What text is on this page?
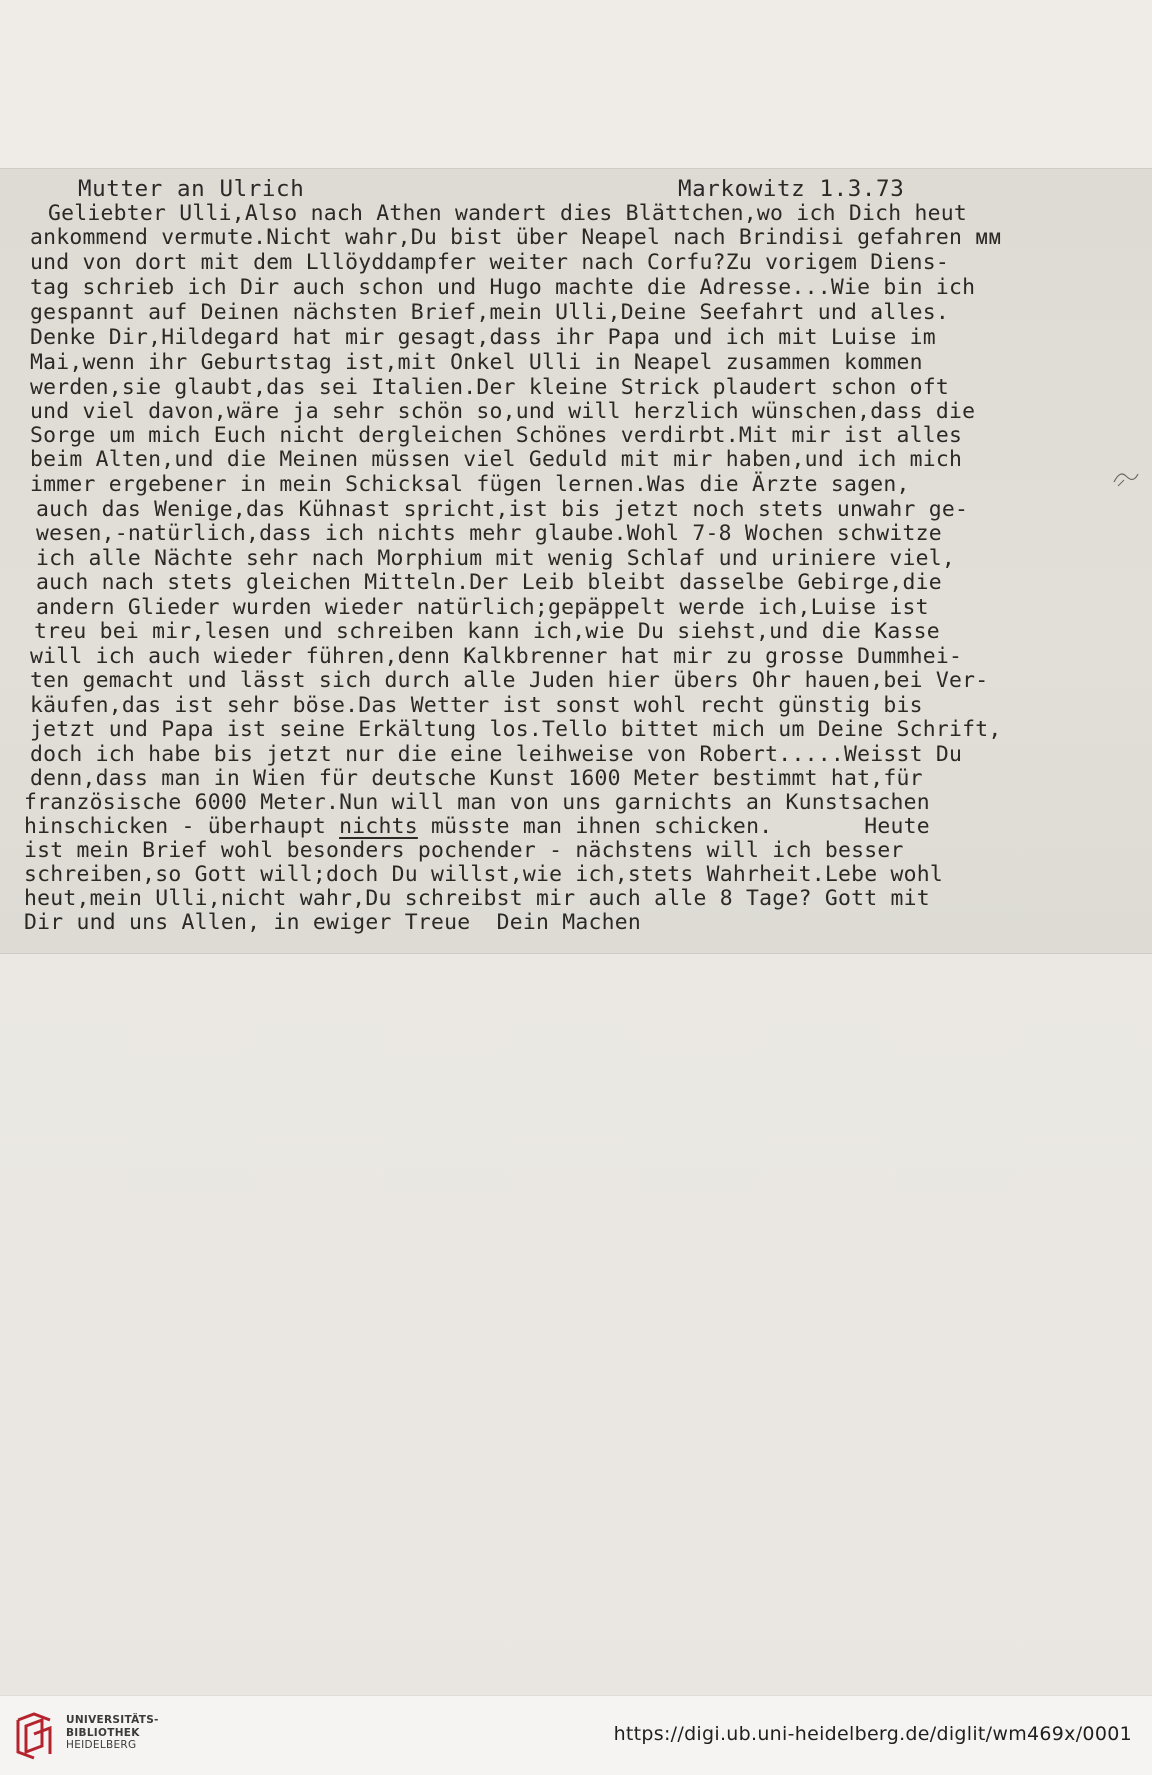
Mutter an Ulrich	Markowitz 1.3.73
Geliebter Ulli,Also nach Athen wandert dies Blättchen,wo ich Dich heut
ankommend vermute.Nicht wahr,Du bist über Neapel nach Brindisi gefahren ᴍᴍ
und von dort mit dem Lllöyddampfer weiter nach Corfu?Zu vorigem Diens-
tag schrieb ich Dir auch schon und Hugo machte die Adresse...Wie bin ich
gespannt auf Deinen nächsten Brief,mein Ulli,Deine Seefahrt und alles.
Denke Dir,Hildegard hat mir gesagt,dass ihr Papa und ich mit Luise im
Mai,wenn ihr Geburtstag ist,mit Onkel Ulli in Neapel zusammen kommen
werden,sie glaubt,das sei Italien.Der kleine Strick plaudert schon oft
und viel davon,wäre ja sehr schön so,und will herzlich wünschen,dass die
Sorge um mich Euch nicht dergleichen Schönes verdirbt.Mit mir ist alles
beim Alten,und die Meinen müssen viel Geduld mit mir haben,und ich mich
immer ergebener in mein Schicksal fügen lernen.Was die Ärzte sagen,
auch das Wenige,das Kühnast spricht,ist bis jetzt noch stets unwahr ge-
wesen,-natürlich,dass ich nichts mehr glaube.Wohl 7-8 Wochen schwitze
ich alle Nächte sehr nach Morphium mit wenig Schlaf und uriniere viel,
auch nach stets gleichen Mitteln.Der Leib bleibt dasselbe Gebirge,die
andern Glieder wurden wieder natürlich;gepäppelt werde ich,Luise ist
treu bei mir,lesen und schreiben kann ich,wie Du siehst,und die Kasse
will ich auch wieder führen,denn Kalkbrenner hat mir zu grosse Dummhei-
ten gemacht und lässt sich durch alle Juden hier übers Ohr hauen,bei Ver-
käufen,das ist sehr böse.Das Wetter ist sonst wohl recht günstig bis
jetzt und Papa ist seine Erkältung los.Tello bittet mich um Deine Schrift,
doch ich habe bis jetzt nur die eine leihweise von Robert.....Weisst Du
denn,dass man in Wien für deutsche Kunst 1600 Meter bestimmt hat,für
französische 6000 Meter.Nun will man von uns garnichts an Kunstsachen
hinschicken - überhaupt nichts müsste man ihnen schicken.       Heute
ist mein Brief wohl besonders pochender - nächstens will ich besser
schreiben,so Gott will;doch Du willst,wie ich,stets Wahrheit.Lebe wohl
heut,mein Ulli,nicht wahr,Du schreibst mir auch alle 8 Tage? Gott mit
Dir und uns Allen, in ewiger Treue  Dein Machen
UNIVERSITÄTS-
BIBLIOTHEK
HEIDELBERG	https://digi.ub.uni-heidelberg.de/diglit/wm469x/0001
